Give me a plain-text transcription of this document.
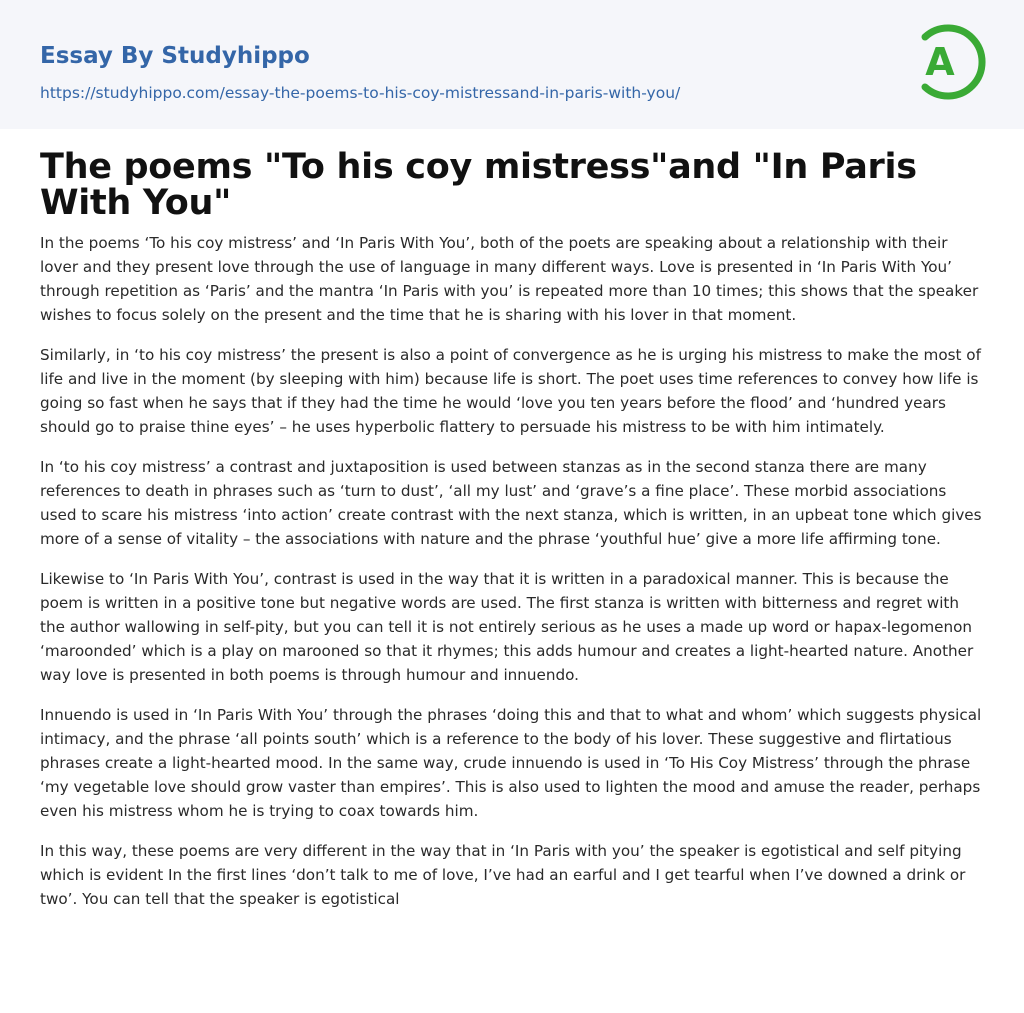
Essay By Studyhippo
https://studyhippo.com/essay-the-poems-to-his-coy-mistressand-in-paris-with-you/
A
The poems "To his coy mistress"and "In Paris With You"

In the poems ‘To his coy mistress’ and ‘In Paris With You’, both of the poets are speaking about a relationship with their lover and they present love through the use of language in many different ways. Love is presented in ‘In Paris With You’ through repetition as ‘Paris’ and the mantra ‘In Paris with you’ is repeated more than 10 times; this shows that the speaker wishes to focus solely on the present and the time that he is sharing with his lover in that moment.

Similarly, in ‘to his coy mistress’ the present is also a point of convergence as he is urging his mistress to make the most of life and live in the moment (by sleeping with him) because life is short. The poet uses time references to convey how life is going so fast when he says that if they had the time he would ‘love you ten years before the flood’ and ‘hundred years should go to praise thine eyes’ – he uses hyperbolic flattery to persuade his mistress to be with him intimately.

In ‘to his coy mistress’ a contrast and juxtaposition is used between stanzas as in the second stanza there are many references to death in phrases such as ‘turn to dust’, ‘all my lust’ and ‘grave’s a fine place’. These morbid associations used to scare his mistress ‘into action’ create contrast with the next stanza, which is written, in an upbeat tone which gives more of a sense of vitality – the associations with nature and the phrase ‘youthful hue’ give a more life affirming tone.

Likewise to ‘In Paris With You’, contrast is used in the way that it is written in a paradoxical manner. This is because the poem is written in a positive tone but negative words are used. The first stanza is written with bitterness and regret with the author wallowing in self-pity, but you can tell it is not entirely serious as he uses a made up word or hapax-legomenon ‘maroonded’ which is a play on marooned so that it rhymes; this adds humour and creates a light-hearted nature. Another way love is presented in both poems is through humour and innuendo.

Innuendo is used in ‘In Paris With You’ through the phrases ‘doing this and that to what and whom’ which suggests physical intimacy, and the phrase ‘all points south’ which is a reference to the body of his lover. These suggestive and flirtatious phrases create a light-hearted mood. In the same way, crude innuendo is used in ‘To His Coy Mistress’ through the phrase ‘my vegetable love should grow vaster than empires’. This is also used to lighten the mood and amuse the reader, perhaps even his mistress whom he is trying to coax towards him.

In this way, these poems are very different in the way that in ‘In Paris with you’ the speaker is egotistical and self pitying which is evident In the first lines ‘don’t talk to me of love, I’ve had an earful and I get tearful when I’ve downed a drink or two’. You can tell that the speaker is egotistical
